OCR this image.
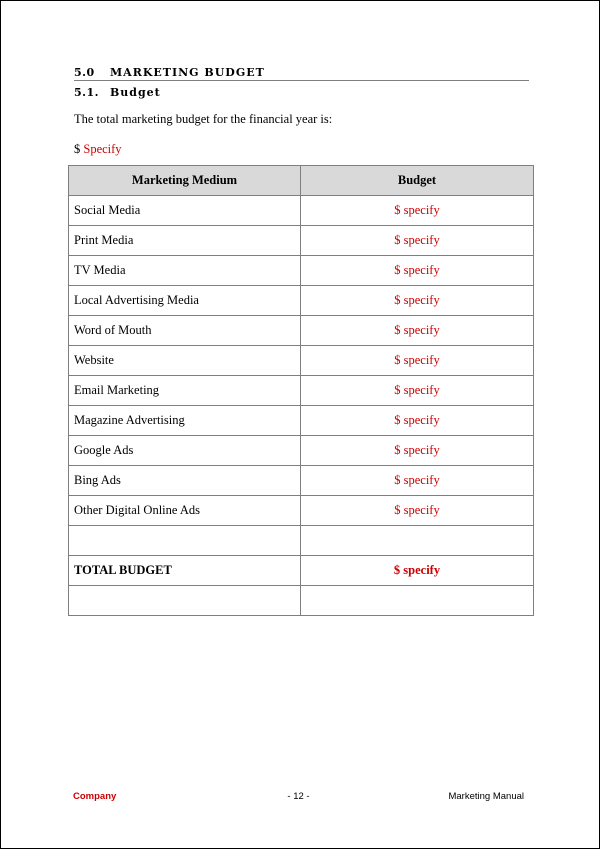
5.0 MARKETING BUDGET
5.1. Budget
The total marketing budget for the financial year is:
$ Specify
Marketing Medium	Budget
Social Media	$ specify
Print Media	$ specify
TV Media	$ specify
Local Advertising Media	$ specify
Word of Mouth	$ specify
Website	$ specify
Email Marketing	$ specify
Magazine Advertising	$ specify
Google Ads	$ specify
Bing Ads	$ specify
Other Digital Online Ads	$ specify

TOTAL BUDGET	$ specify

Company	- 12 -	Marketing Manual
